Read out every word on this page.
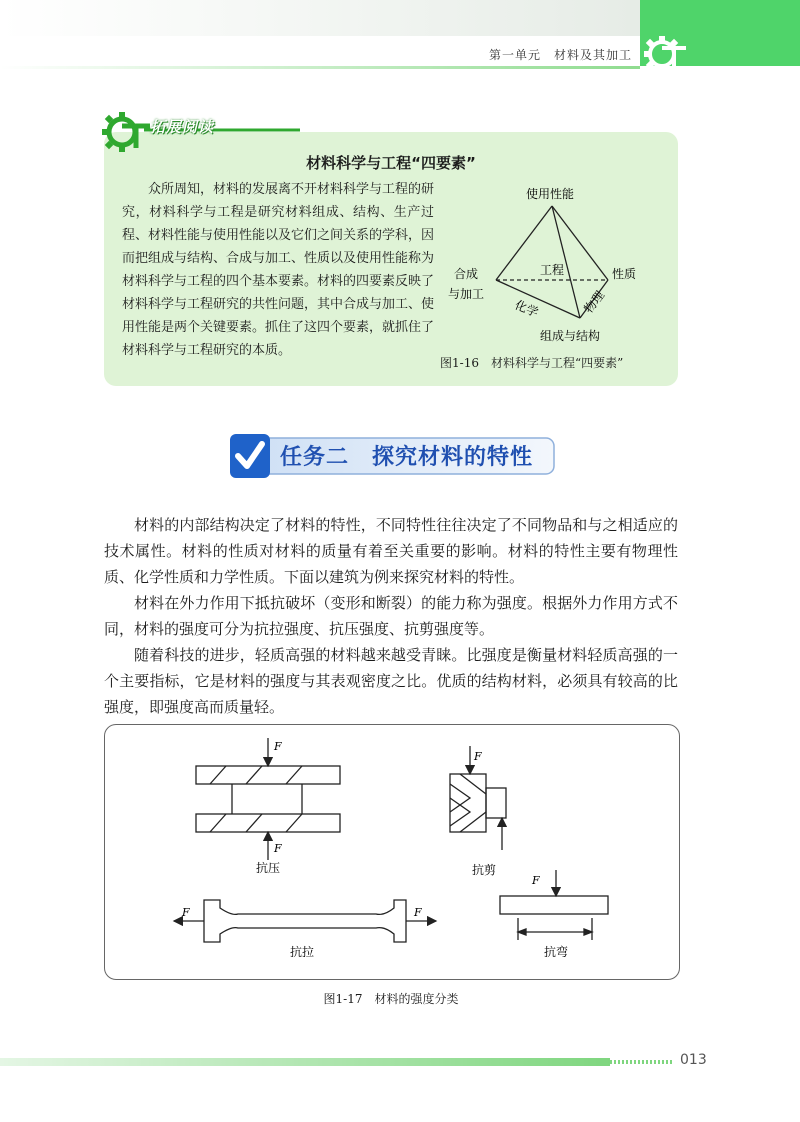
第一单元　材料及其加工
拓展阅读
材料科学与工程“四要素”

众所周知，材料的发展离不开材料科学与工程的研究，材料科学与工程是研究材料组成、结构、生产过程、材料性能与使用性能以及它们之间关系的学科，因而把组成与结构、合成与加工、性质以及使用性能称为材料科学与工程的四个基本要素。材料的四要素反映了材料科学与工程研究的共性问题，其中合成与加工、使用性能是两个关键要素。抓住了这四个要素，就抓住了材料科学与工程研究的本质。

使用性能
合成
与加工
性质
组成与结构
工程
化学	物理
图1-16　材料科学与工程“四要素”
任务二　探究材料的特性

材料的内部结构决定了材料的特性，不同特性往往决定了不同物品和与之相适应的技术属性。材料的性质对材料的质量有着至关重要的影响。材料的特性主要有物理性质、化学性质和力学性质。下面以建筑为例来探究材料的特性。

材料在外力作用下抵抗破坏（变形和断裂）的能力称为强度。根据外力作用方式不同，材料的强度可分为抗拉强度、抗压强度、抗剪强度等。

随着科技的进步，轻质高强的材料越来越受青睐。比强度是衡量材料轻质高强的一个主要指标，它是材料的强度与其表观密度之比。优质的结构材料，必须具有较高的比强度，即强度高而质量轻。

F
F
抗压
F
抗剪
F	F
抗拉
F
抗弯
图1-17　材料的强度分类
013
